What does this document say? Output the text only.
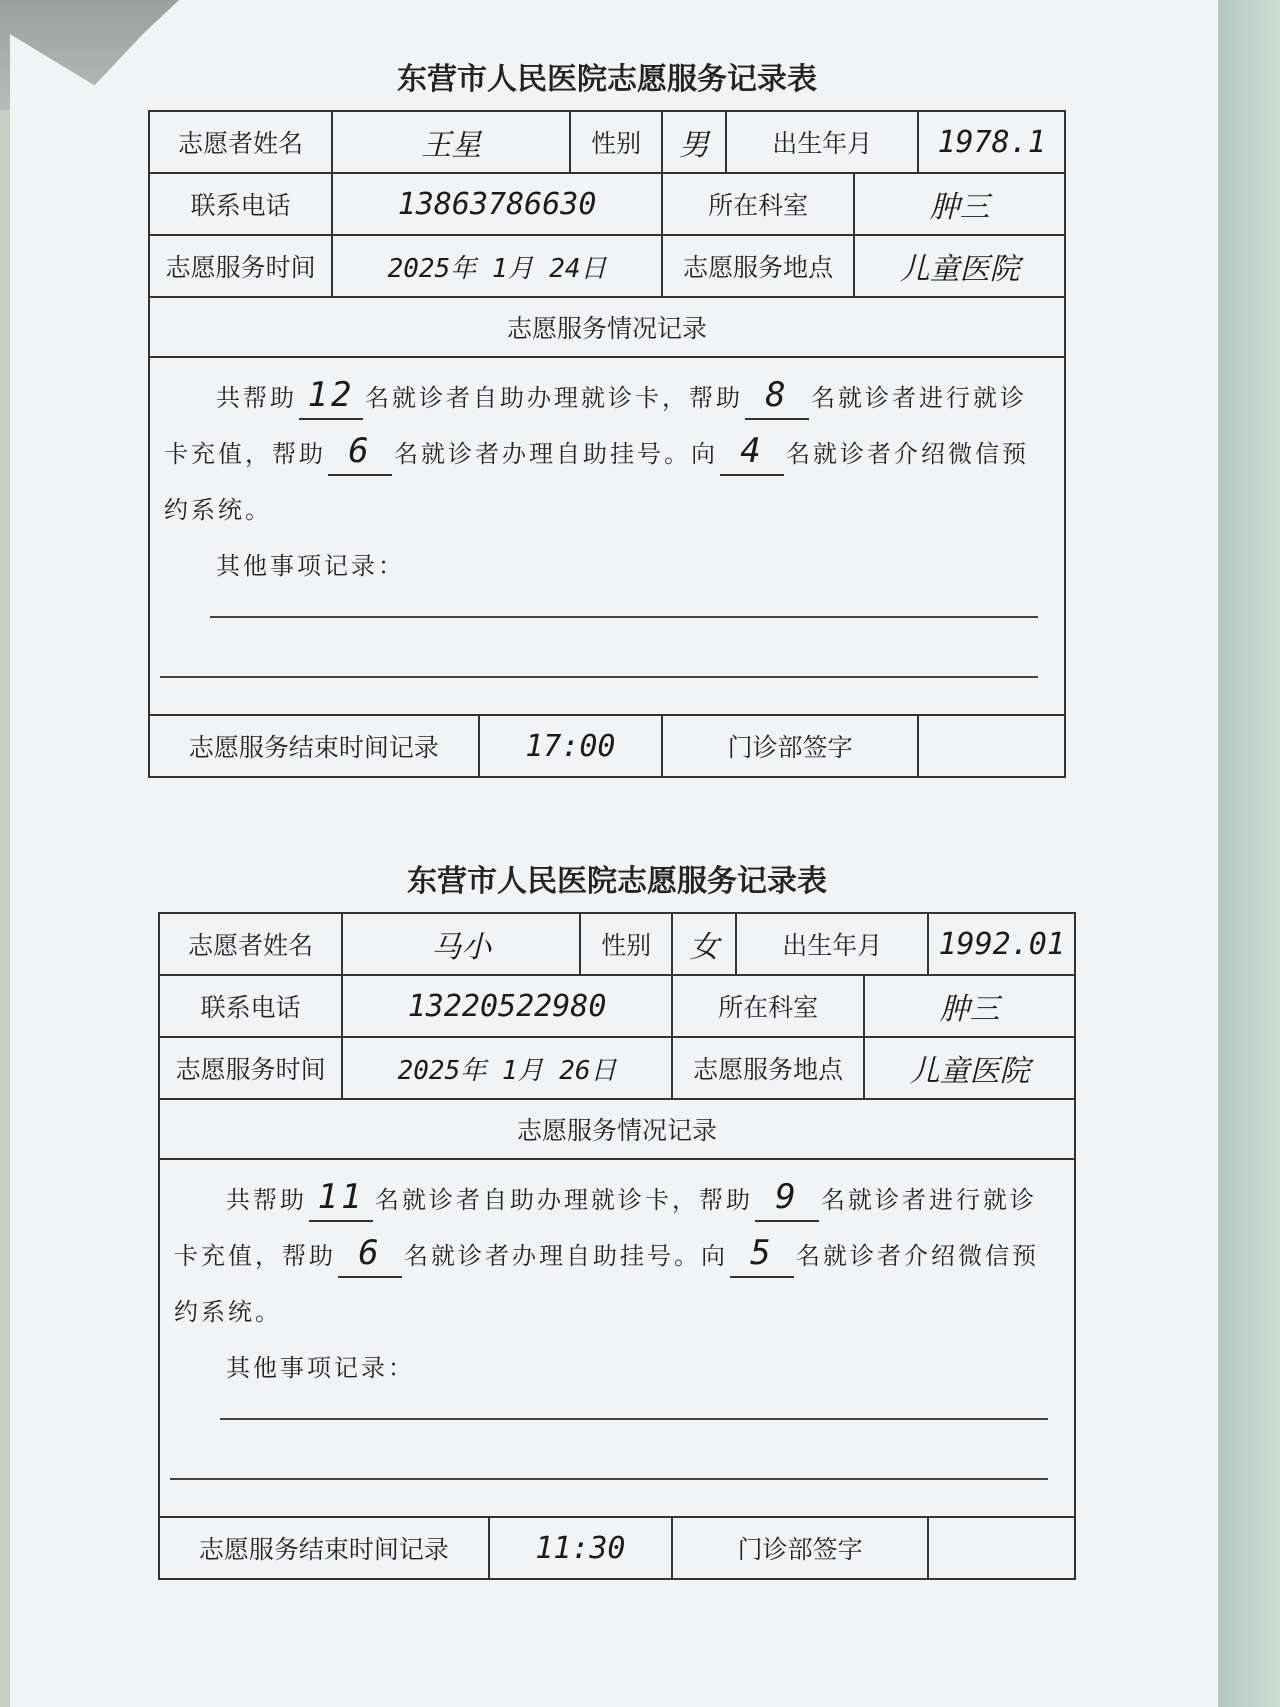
东营市人民医院志愿服务记录表
志愿者姓名	王星		性别	男	出生年月		1978.1
联系电话	13863786630			所在科室		肿三	
志愿服务时间	2025年 1月 24日			志愿服务地点		儿童医院	
志愿服务情况记录							

共帮助 12 名就诊者自助办理就诊卡，帮助 8 名就诊者进行就诊卡充值，帮助 6 名就诊者办理自助挂号。向 4 名就诊者介绍微信预约系统。
其他事项记录：							

志愿服务结束时间记录		17:00		门诊部签字			
东营市人民医院志愿服务记录表
志愿者姓名	马小		性别	女	出生年月		1992.01
联系电话	13220522980			所在科室		肿三	
志愿服务时间	2025年 1月 26日			志愿服务地点		儿童医院	
志愿服务情况记录							

共帮助 11 名就诊者自助办理就诊卡，帮助 9 名就诊者进行就诊卡充值，帮助 6 名就诊者办理自助挂号。向 5 名就诊者介绍微信预约系统。
其他事项记录：							

志愿服务结束时间记录		11:30		门诊部签字			
